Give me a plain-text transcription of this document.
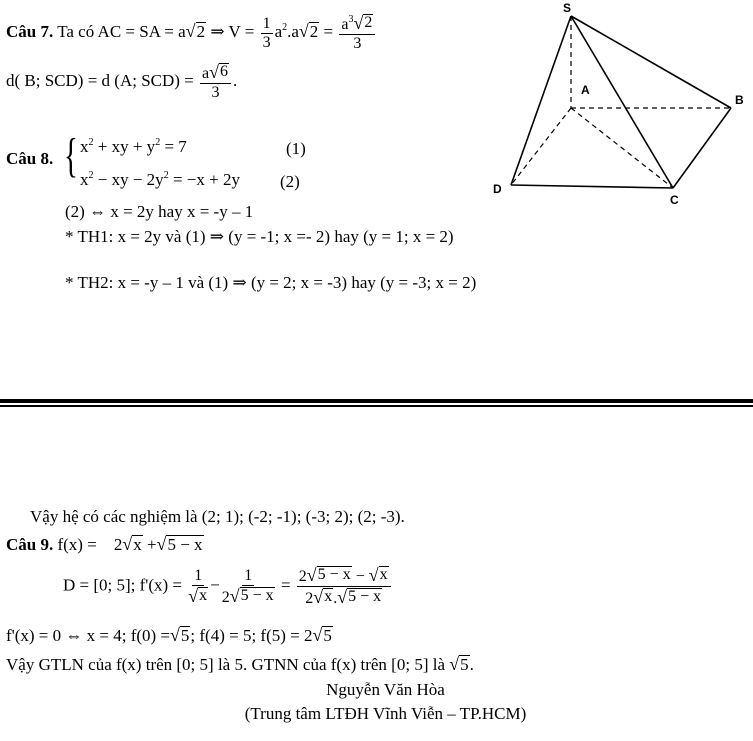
Câu 7. Ta có AC = SA = a √ 2 ⇒ $V = \frac{1}{3} a^2.a$ √ $2 = \frac{a^3 √ 2}{3}$
d( B; SCD) = d (A; $SCD) = \frac{a √ 6}{3}$ .
S
A
B
C
D
Câu 8. { $x^2$ + xy + $y^2 = 7$	(1)
$x^2$ − xy − $2y^2 = -x + 2y$ (2)
(2) ⇔ x = 2y hay x = -y – 1
* TH1: x = 2y và (1) ⇒ (y = -1; x =- 2) hay (y = 1; x = 2)
* TH2: x = -y – 1 và (1) ⇒ (y = 2; x = -3) hay (y = -3; x = 2)
Vậy hệ có các nghiệm là (2; 1); (-2; -1); (-3; 2); (2; -3).
Câu 9. f(x) = 2 √ x + √ 5 − x
D = [0; 5]; $f'(x) = \frac{1}{√ x} - \frac{1}{2 √ 5 - x} = \frac{2 √ 5 - x - √ x}{2 √ x . √ 5 - x}$
f'(x) = 0 ⇔ x = 4; f(0) = √ 5 ; f(4) = 5; f(5) = 2 √ 5
Vậy GTLN của f(x) trên [0; 5] là 5. GTNN của f(x) trên [0; 5] là √ 5 .
Nguyễn Văn Hòa
(Trung tâm LTĐH Vĩnh Viễn – TP.HCM)
